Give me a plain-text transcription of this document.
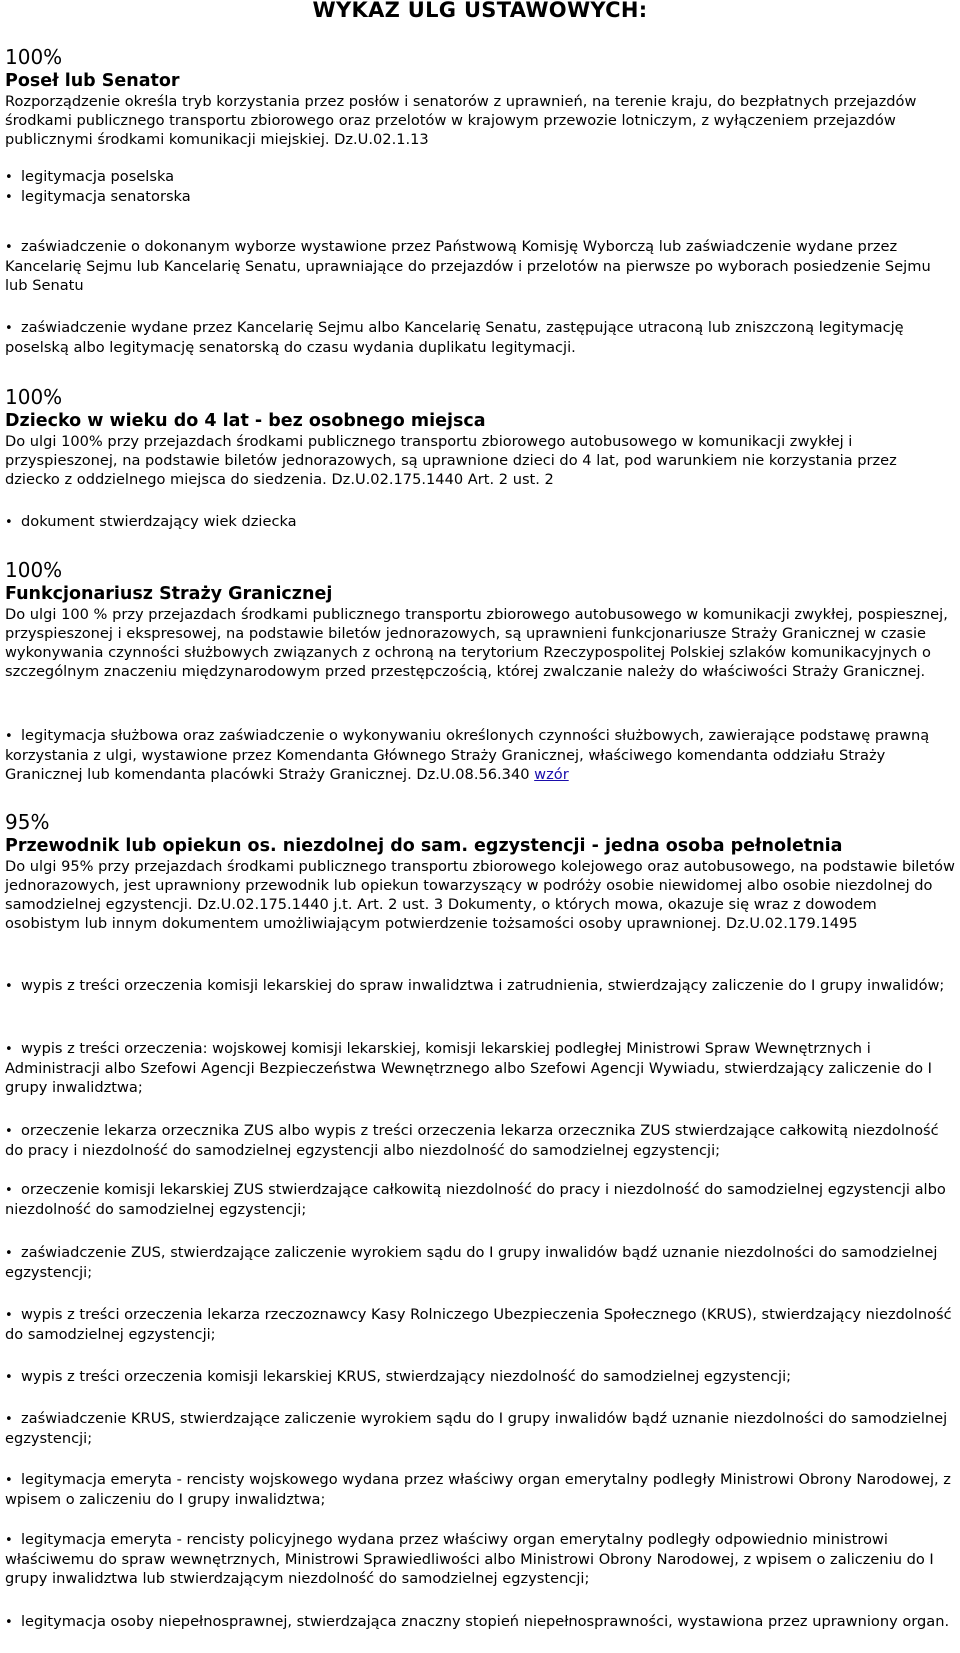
WYKAZ ULG USTAWOWYCH:
100%
Poseł lub Senator

Rozporządzenie określa tryb korzystania przez posłów i senatorów z uprawnień, na terenie kraju, do bezpłatnych przejazdów środkami publicznego transportu zbiorowego oraz przelotów w krajowym przewozie lotniczym, z wyłączeniem przejazdów publicznymi środkami komunikacji miejskiej. Dz.U.02.1.13

• legitymacja poselska

• legitymacja senatorska

• zaświadczenie o dokonanym wyborze wystawione przez Państwową Komisję Wyborczą lub zaświadczenie wydane przez Kancelarię Sejmu lub Kancelarię Senatu, uprawniające do przejazdów i przelotów na pierwsze po wyborach posiedzenie Sejmu lub Senatu

• zaświadczenie wydane przez Kancelarię Sejmu albo Kancelarię Senatu, zastępujące utraconą lub zniszczoną legitymację poselską albo legitymację senatorską do czasu wydania duplikatu legitymacji.

100%
Dziecko w wieku do 4 lat - bez osobnego miejsca

Do ulgi 100% przy przejazdach środkami publicznego transportu zbiorowego autobusowego w komunikacji zwykłej i przyspieszonej, na podstawie biletów jednorazowych, są uprawnione dzieci do 4 lat, pod warunkiem nie korzystania przez dziecko z oddzielnego miejsca do siedzenia. Dz.U.02.175.1440 Art. 2 ust. 2

• dokument stwierdzający wiek dziecka

100%
Funkcjonariusz Straży Granicznej

Do ulgi 100 % przy przejazdach środkami publicznego transportu zbiorowego autobusowego w komunikacji zwykłej, pospiesznej, przyspieszonej i ekspresowej, na podstawie biletów jednorazowych, są uprawnieni funkcjonariusze Straży Granicznej w czasie wykonywania czynności służbowych związanych z ochroną na terytorium Rzeczypospolitej Polskiej szlaków komunikacyjnych o szczególnym znaczeniu międzynarodowym przed przestępczością, której zwalczanie należy do właściwości Straży Granicznej.

• legitymacja służbowa oraz zaświadczenie o wykonywaniu określonych czynności służbowych, zawierające podstawę prawną korzystania z ulgi, wystawione przez Komendanta Głównego Straży Granicznej, właściwego komendanta oddziału Straży Granicznej lub komendanta placówki Straży Granicznej. Dz.U.08.56.340 wzór

95%
Przewodnik lub opiekun os. niezdolnej do sam. egzystencji - jedna osoba pełnoletnia

Do ulgi 95% przy przejazdach środkami publicznego transportu zbiorowego kolejowego oraz autobusowego, na podstawie biletów jednorazowych, jest uprawniony przewodnik lub opiekun towarzyszący w podróży osobie niewidomej albo osobie niezdolnej do samodzielnej egzystencji. Dz.U.02.175.1440 j.t. Art. 2 ust. 3 Dokumenty, o których mowa, okazuje się wraz z dowodem osobistym lub innym dokumentem umożliwiającym potwierdzenie tożsamości osoby uprawnionej. Dz.U.02.179.1495

• wypis z treści orzeczenia komisji lekarskiej do spraw inwalidztwa i zatrudnienia, stwierdzający zaliczenie do I grupy inwalidów;

• wypis z treści orzeczenia: wojskowej komisji lekarskiej, komisji lekarskiej podległej Ministrowi Spraw Wewnętrznych i Administracji albo Szefowi Agencji Bezpieczeństwa Wewnętrznego albo Szefowi Agencji Wywiadu, stwierdzający zaliczenie do I grupy inwalidztwa;

• orzeczenie lekarza orzecznika ZUS albo wypis z treści orzeczenia lekarza orzecznika ZUS stwierdzające całkowitą niezdolność do pracy i niezdolność do samodzielnej egzystencji albo niezdolność do samodzielnej egzystencji;

• orzeczenie komisji lekarskiej ZUS stwierdzające całkowitą niezdolność do pracy i niezdolność do samodzielnej egzystencji albo niezdolność do samodzielnej egzystencji;

• zaświadczenie ZUS, stwierdzające zaliczenie wyrokiem sądu do I grupy inwalidów bądź uznanie niezdolności do samodzielnej egzystencji;

• wypis z treści orzeczenia lekarza rzeczoznawcy Kasy Rolniczego Ubezpieczenia Społecznego (KRUS), stwierdzający niezdolność do samodzielnej egzystencji;

• wypis z treści orzeczenia komisji lekarskiej KRUS, stwierdzający niezdolność do samodzielnej egzystencji;

• zaświadczenie KRUS, stwierdzające zaliczenie wyrokiem sądu do I grupy inwalidów bądź uznanie niezdolności do samodzielnej egzystencji;

• legitymacja emeryta - rencisty wojskowego wydana przez właściwy organ emerytalny podległy Ministrowi Obrony Narodowej, z wpisem o zaliczeniu do I grupy inwalidztwa;

• legitymacja emeryta - rencisty policyjnego wydana przez właściwy organ emerytalny podległy odpowiednio ministrowi właściwemu do spraw wewnętrznych, Ministrowi Sprawiedliwości albo Ministrowi Obrony Narodowej, z wpisem o zaliczeniu do I grupy inwalidztwa lub stwierdzającym niezdolność do samodzielnej egzystencji;

• legitymacja osoby niepełnosprawnej, stwierdzająca znaczny stopień niepełnosprawności, wystawiona przez uprawniony organ.
